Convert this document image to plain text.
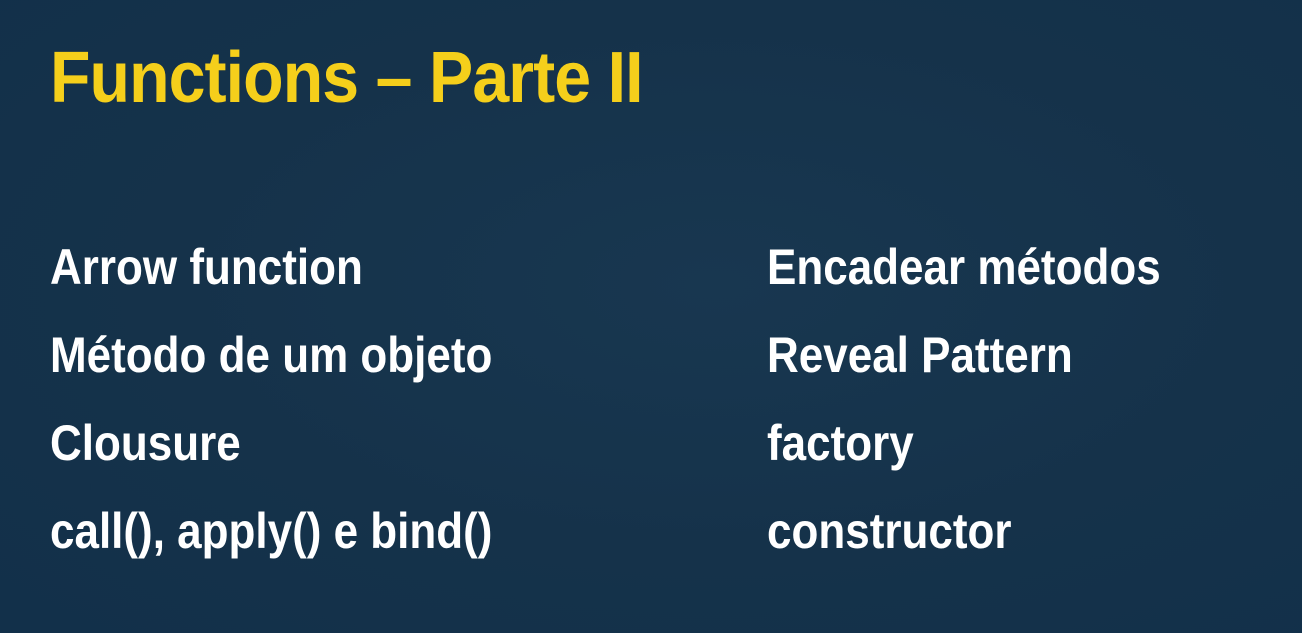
Functions – Parte II
Arrow function
Método de um objeto
Clousure
call(), apply() e bind()
Encadear métodos
Reveal Pattern
factory
constructor
